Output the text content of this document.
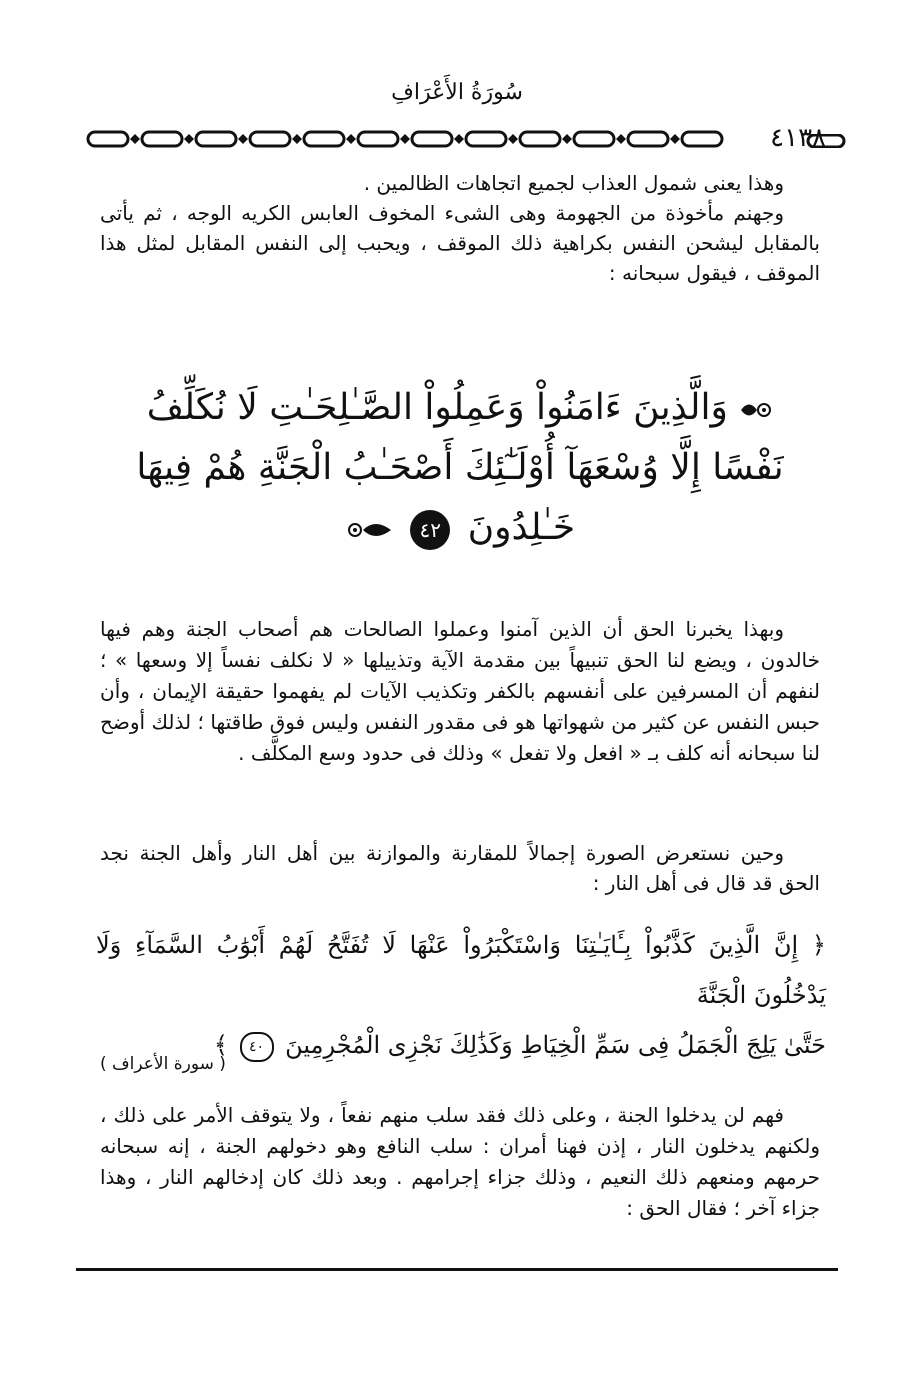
سُورَةُ الأَعْرَافِ
٤١٣٨

وهذا يعنى شمول العذاب لجميع اتجاهات الظالمين .

وجهنم مأخوذة من الجهومة وهى الشىء المخوف العابس الكريه الوجه ، ثم يأتى بالمقابل ليشحن النفس بكراهية ذلك الموقف ، ويحبب إلى النفس المقابل لمثل هذا الموقف ، فيقول سبحانه :

وَالَّذِينَ ءَامَنُواْ وَعَمِلُواْ الصَّـٰلِحَـٰتِ لَا نُكَلِّفُ
نَفْسًا إِلَّا وُسْعَهَآ أُوْلَـٰٓئِكَ أَصْحَـٰبُ الْجَنَّةِ هُمْ فِيهَا
خَـٰلِدُونَ ٤٢

وبهذا يخبرنا الحق أن الذين آمنوا وعملوا الصالحات هم أصحاب الجنة وهم فيها خالدون ، ويضع لنا الحق تنبيهاً بين مقدمة الآية وتذييلها « لا نكلف نفساً إلا وسعها » ؛ لنفهم أن المسرفين على أنفسهم بالكفر وتكذيب الآيات لم يفهموا حقيقة الإيمان ، وأن حبس النفس عن كثير من شهواتها هو فى مقدور النفس وليس فوق طاقتها ؛ لذلك أوضح لنا سبحانه أنه كلف بـ « افعل ولا تفعل » وذلك فى حدود وسع المكلَّف .

وحين نستعرض الصورة إجمالاً للمقارنة والموازنة بين أهل النار وأهل الجنة نجد الحق قد قال فى أهل النار :

﴿ إِنَّ الَّذِينَ كَذَّبُواْ بِـَٔايَـٰتِنَا وَاسْتَكْبَرُواْ عَنْهَا لَا تُفَتَّحُ لَهُمْ أَبْوَٰبُ السَّمَآءِ وَلَا يَدْخُلُونَ الْجَنَّةَ
حَتَّىٰ يَلِجَ الْجَمَلُ فِى سَمِّ الْخِيَاطِ وَكَذَٰلِكَ نَجْزِى الْمُجْرِمِينَ ٤٠ ﴾
( سورة الأعراف )

فهم لن يدخلوا الجنة ، وعلى ذلك فقد سلب منهم نفعاً ، ولا يتوقف الأمر على ذلك ، ولكنهم يدخلون النار ، إذن فهنا أمران : سلب النافع وهو دخولهم الجنة ، إنه سبحانه حرمهم ومنعهم ذلك النعيم ، وذلك جزاء إجرامهم . وبعد ذلك كان إدخالهم النار ، وهذا جزاء آخر ؛ فقال الحق :
